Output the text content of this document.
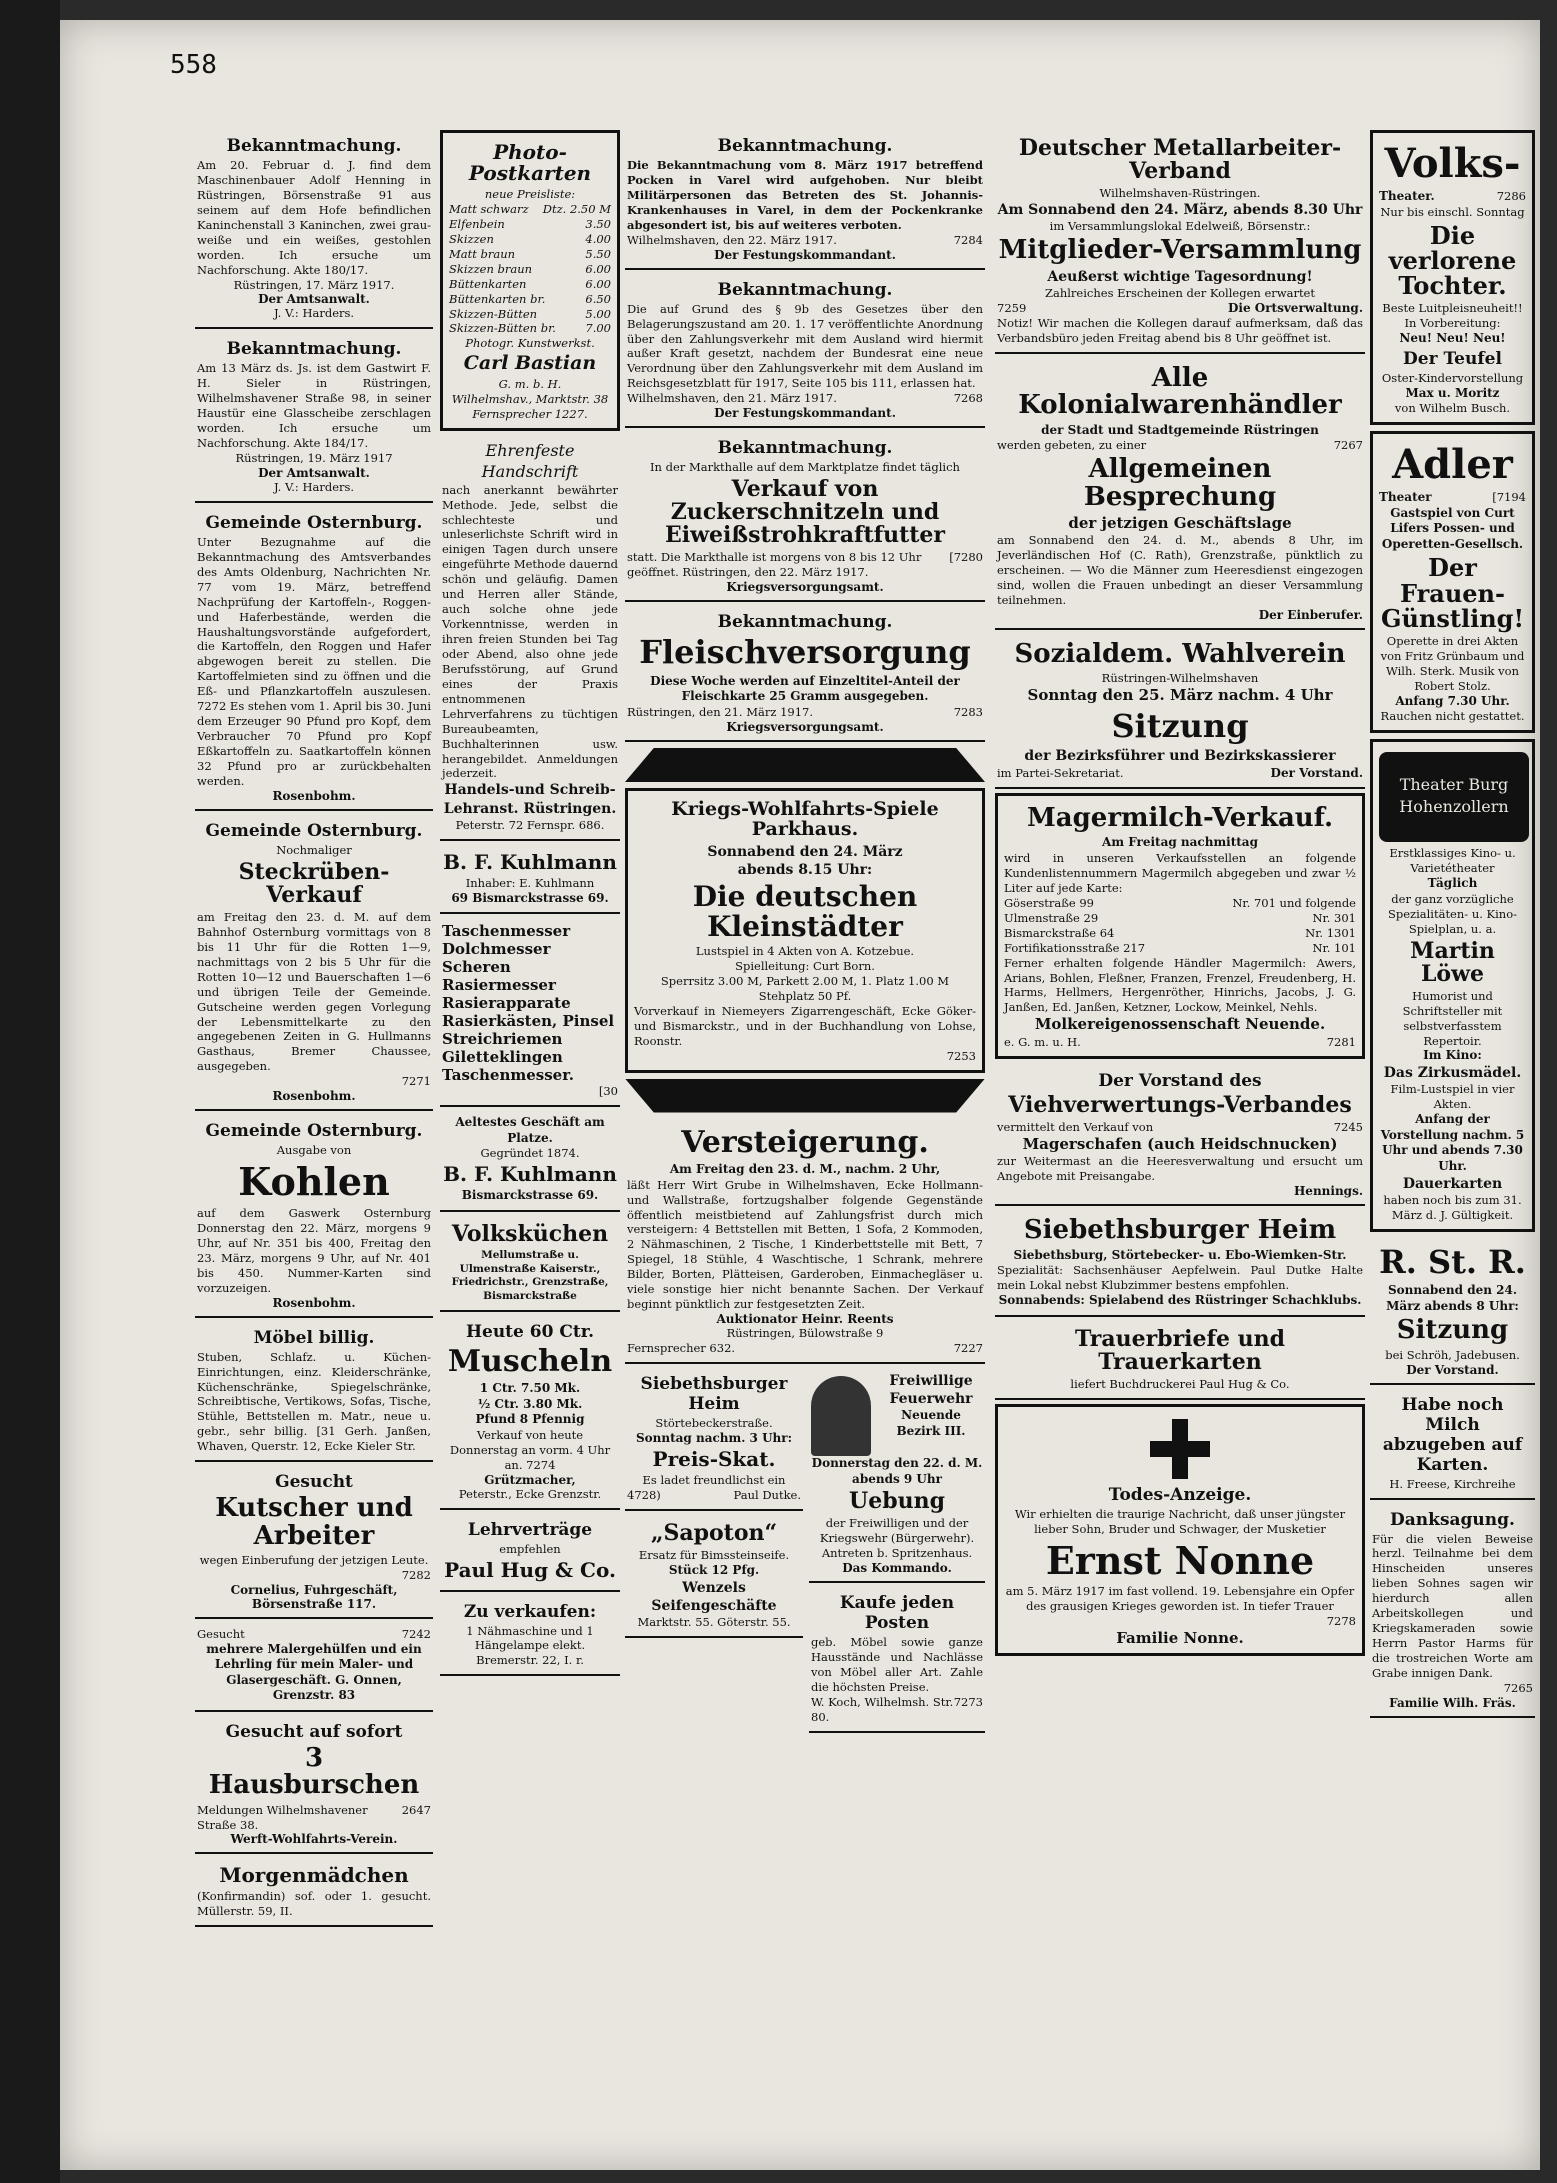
558
Bekanntmachung.
Am 20. Februar d. J. find dem Maschinenbauer Adolf Henning in Rüstringen, Börsenstraße 91 aus seinem auf dem Hofe befindlichen Kaninchenstall 3 Kaninchen, zwei grau-weiße und ein weißes, gestohlen worden. Ich ersuche um Nachforschung. Akte 180/17.
Rüstringen, 17. März 1917.
Der Amtsanwalt.
J. V.: Harders.
Bekanntmachung.
Am 13 März ds. Js. ist dem Gastwirt F. H. Sieler in Rüstringen, Wilhelmshavener Straße 98, in seiner Haustür eine Glasscheibe zerschlagen worden. Ich ersuche um Nachforschung. Akte 184/17.
Rüstringen, 19. März 1917
Der Amtsanwalt.
J. V.: Harders.
Gemeinde Osternburg.
Unter Bezugnahme auf die Bekanntmachung des Amtsverbandes des Amts Oldenburg, Nachrichten Nr. 77 vom 19. März, betreffend Nachprüfung der Kartoffeln-, Roggen- und Haferbestände, werden die Haushaltungsvorstände aufgefordert, die Kartoffeln, den Roggen und Hafer abgewogen bereit zu stellen. Die Kartoffelmieten sind zu öffnen und die Eß- und Pflanzkartoffeln auszulesen. 7272 Es stehen vom 1. April bis 30. Juni dem Erzeuger 90 Pfund pro Kopf, dem Verbraucher 70 Pfund pro Kopf Eßkartoffeln zu. Saatkartoffeln können 32 Pfund pro ar zurückbehalten werden.
Rosenbohm.
Gemeinde Osternburg.
Nochmaliger
Steckrüben-Verkauf
am Freitag den 23. d. M. auf dem Bahnhof Osternburg vormittags von 8 bis 11 Uhr für die Rotten 1—9, nachmittags von 2 bis 5 Uhr für die Rotten 10—12 und Bauerschaften 1—6 und übrigen Teile der Gemeinde. Gutscheine werden gegen Vorlegung der Lebensmittelkarte zu den angegebenen Zeiten in G. Hullmanns Gasthaus, Bremer Chaussee, ausgegeben.
7271
Rosenbohm.
Gemeinde Osternburg.
Ausgabe von
Kohlen
auf dem Gaswerk Osternburg Donnerstag den 22. März, morgens 9 Uhr, auf Nr. 351 bis 400, Freitag den 23. März, morgens 9 Uhr, auf Nr. 401 bis 450. Nummer-Karten sind vorzuzeigen.
Rosenbohm.
Möbel billig.
Stuben, Schlafz. u. Küchen-Einrichtungen, einz. Kleiderschränke, Küchenschränke, Spiegelschränke, Schreibtische, Vertikows, Sofas, Tische, Stühle, Bettstellen m. Matr., neue u. gebr., sehr billig. [31 Gerh. Janßen, Whaven, Querstr. 12, Ecke Kieler Str.
Gesucht
Kutscher und Arbeiter
wegen Einberufung der jetzigen Leute.
7282
Cornelius, Fuhrgeschäft, Börsenstraße 117.
Gesucht	7242
mehrere Malergehülfen und ein Lehrling für mein Maler- und Glasergeschäft. G. Onnen, Grenzstr. 83
Gesucht auf sofort
3 Hausburschen
Meldungen Wilhelmshavener Straße 38.
2647
Werft-Wohlfahrts-Verein.
Morgenmädchen
(Konfirmandin) sof. oder 1. gesucht. Müllerstr. 59, II.
Photo-Postkarten
neue Preisliste:
Matt schwarz Dtz. 2.50 M
Elfenbein	3.50
Skizzen	4.00
Matt braun	5.50
Skizzen braun	6.00
Büttenkarten	6.00
Büttenkarten br.	6.50
Skizzen-Bütten	5.00
Skizzen-Bütten br.	7.00
Photogr. Kunstwerkst.
Carl Bastian
G. m. b. H.
Wilhelmshav., Marktstr. 38
Fernsprecher 1227.
Ehrenfeste Handschrift
nach anerkannt bewährter Methode. Jede, selbst die schlechteste und unleserlichste Schrift wird in einigen Tagen durch unsere eingeführte Methode dauernd schön und geläufig. Damen und Herren aller Stände, auch solche ohne jede Vorkenntnisse, werden in ihren freien Stunden bei Tag oder Abend, also ohne jede Berufsstörung, auf Grund eines der Praxis entnommenen Lehrverfahrens zu tüchtigen Bureaubeamten, Buchhalterinnen usw. herangebildet. Anmeldungen jederzeit.
Handels-und Schreib-Lehranst. Rüstringen.
Peterstr. 72 Fernspr. 686.
B. F. Kuhlmann
Inhaber: E. Kuhlmann
69 Bismarckstrasse 69.
Taschenmesser
Dolchmesser
Scheren
Rasiermesser
Rasierapparate
Rasierkästen, Pinsel
Streichriemen
Giletteklingen
Taschenmesser.
[30
Aeltestes Geschäft am Platze.
Gegründet 1874.
B. F. Kuhlmann
Bismarckstrasse 69.
Volksküchen
Mellumstraße u. Ulmenstraße Kaiserstr., Friedrichstr., Grenzstraße, Bismarckstraße
Heute 60 Ctr.
Muscheln
1 Ctr. 7.50 Mk.
½ Ctr. 3.80 Mk.
Pfund 8 Pfennig
Verkauf von heute Donnerstag an vorm. 4 Uhr an. 7274
Grützmacher,
Peterstr., Ecke Grenzstr.
Lehrverträge
empfehlen
Paul Hug & Co.
Zu verkaufen:
1 Nähmaschine und 1 Hängelampe elekt. Bremerstr. 22, I. r.
Bekanntmachung.
Die Bekanntmachung vom 8. März 1917 betreffend Pocken in Varel wird aufgehoben. Nur bleibt Militärpersonen das Betreten des St. Johannis-Krankenhauses in Varel, in dem der Pockenkranke abgesondert ist, bis auf weiteres verboten.
Wilhelmshaven, den 22. März 1917.	7284
Der Festungskommandant.
Bekanntmachung.
Die auf Grund des § 9b des Gesetzes über den Belagerungszustand am 20. 1. 17 veröffentlichte Anordnung über den Zahlungsverkehr mit dem Ausland wird hiermit außer Kraft gesetzt, nachdem der Bundesrat eine neue Verordnung über den Zahlungsverkehr mit dem Ausland im Reichsgesetzblatt für 1917, Seite 105 bis 111, erlassen hat.
Wilhelmshaven, den 21. März 1917.	7268
Der Festungskommandant.
Bekanntmachung.
In der Markthalle auf dem Marktplatze findet täglich
Verkauf von Zuckerschnitzeln und Eiweißstrohkraftfutter
statt. Die Markthalle ist morgens von 8 bis 12 Uhr geöffnet. Rüstringen, den 22. März 1917.
[7280
Kriegsversorgungsamt.
Bekanntmachung.
Fleischversorgung
Diese Woche werden auf Einzeltitel-Anteil der Fleischkarte 25 Gramm ausgegeben.
Rüstringen, den 21. März 1917.	7283
Kriegsversorgungsamt.
Kriegs-Wohlfahrts-Spiele Parkhaus.
Sonnabend den 24. März
abends 8.15 Uhr:
Die deutschen Kleinstädter
Lustspiel in 4 Akten von A. Kotzebue.
Spielleitung: Curt Born.
Sperrsitz 3.00 M, Parkett 2.00 M, 1. Platz 1.00 M Stehplatz 50 Pf.
Vorverkauf in Niemeyers Zigarrengeschäft, Ecke Göker- und Bismarckstr., und in der Buchhandlung von Lohse, Roonstr.
7253
Versteigerung.
Am Freitag den 23. d. M., nachm. 2 Uhr,
läßt Herr Wirt Grube in Wilhelmshaven, Ecke Hollmann- und Wallstraße, fortzugshalber folgende Gegenstände öffentlich meistbietend auf Zahlungsfrist durch mich versteigern: 4 Bettstellen mit Betten, 1 Sofa, 2 Kommoden, 2 Nähmaschinen, 2 Tische, 1 Kinderbettstelle mit Bett, 7 Spiegel, 18 Stühle, 4 Waschtische, 1 Schrank, mehrere Bilder, Borten, Plätteisen, Garderoben, Einmachegläser u. viele sonstige hier nicht benannte Sachen. Der Verkauf beginnt pünktlich zur festgesetzten Zeit.
Auktionator Heinr. Reents
Rüstringen, Bülowstraße 9
Fernsprecher 632.	7227
Siebethsburger Heim
Störtebeckerstraße.
Sonntag nachm. 3 Uhr:
Preis-Skat.
Es ladet freundlichst ein
4728)	Paul Dutke.
„Sapoton“
Ersatz für Bimssteinseife.
Stück 12 Pfg.
Wenzels Seifengeschäfte
Marktstr. 55. Göterstr. 55.
Freiwillige Feuerwehr
Neuende Bezirk III.
Donnerstag den 22. d. M. abends 9 Uhr
Uebung
der Freiwilligen und der Kriegswehr (Bürgerwehr). Antreten b. Spritzenhaus.
Das Kommando.
Kaufe jeden Posten
geb. Möbel sowie ganze Hausstände und Nachlässe von Möbel aller Art. Zahle die höchsten Preise.
W. Koch, Wilhelmsh. Str. 80.
7273
Deutscher Metallarbeiter-Verband
Wilhelmshaven-Rüstringen.
Am Sonnabend den 24. März, abends 8.30 Uhr
im Versammlungslokal Edelweiß, Börsenstr.:
Mitglieder-Versammlung
Aeußerst wichtige Tagesordnung!
Zahlreiches Erscheinen der Kollegen erwartet
7259	Die Ortsverwaltung.
Notiz! Wir machen die Kollegen darauf aufmerksam, daß das Verbandsbüro jeden Freitag abend bis 8 Uhr geöffnet ist.
Alle Kolonialwarenhändler
der Stadt und Stadtgemeinde Rüstringen
werden gebeten, zu einer	7267
Allgemeinen Besprechung
der jetzigen Geschäftslage
am Sonnabend den 24. d. M., abends 8 Uhr, im Jeverländischen Hof (C. Rath), Grenzstraße, pünktlich zu erscheinen. — Wo die Männer zum Heeresdienst eingezogen sind, wollen die Frauen unbedingt an dieser Versammlung teilnehmen.
Der Einberufer.
Sozialdem. Wahlverein
Rüstringen-Wilhelmshaven
Sonntag den 25. März nachm. 4 Uhr
Sitzung
der Bezirksführer und Bezirkskassierer
im Partei-Sekretariat.	Der Vorstand.
Magermilch-Verkauf.
Am Freitag nachmittag
wird in unseren Verkaufsstellen an folgende Kundenlistennummern Magermilch abgegeben und zwar ½ Liter auf jede Karte:
Göserstraße 99	Nr. 701 und folgende
Ulmenstraße 29	Nr. 301
Bismarckstraße 64	Nr. 1301
Fortifikationsstraße 217	Nr. 101
Ferner erhalten folgende Händler Magermilch: Awers, Arians, Bohlen, Fleßner, Franzen, Frenzel, Freudenberg, H. Harms, Hellmers, Hergenröther, Hinrichs, Jacobs, J. G. Janßen, Ed. Janßen, Ketzner, Lockow, Meinkel, Nehls.
Molkereigenossenschaft Neuende.
e. G. m. u. H.	7281
Der Vorstand des
Viehverwertungs-Verbandes
vermittelt den Verkauf von	7245
Magerschafen (auch Heidschnucken)
zur Weitermast an die Heeresverwaltung und ersucht um Angebote mit Preisangabe.
Hennings.
Siebethsburger Heim
Siebethsburg, Störtebecker- u. Ebo-Wiemken-Str.
Spezialität: Sachsenhäuser Aepfelwein. Paul Dutke Halte mein Lokal nebst Klubzimmer bestens empfohlen.
Sonnabends: Spielabend des Rüstringer Schachklubs.
Trauerbriefe und Trauerkarten
liefert Buchdruckerei Paul Hug & Co.
Todes-Anzeige.
Wir erhielten die traurige Nachricht, daß unser jüngster lieber Sohn, Bruder und Schwager, der Musketier
Ernst Nonne
am 5. März 1917 im fast vollend. 19. Lebensjahre ein Opfer des grausigen Krieges geworden ist. In tiefer Trauer
7278
Familie Nonne.
Volks-
Theater.	7286
Nur bis einschl. Sonntag
Die verlorene Tochter.
Beste Luitpleisneuheit!!
In Vorbereitung:
Neu! Neu! Neu!
Der Teufel
Oster-Kindervorstellung
Max u. Moritz
von Wilhelm Busch.
Adler
Theater	[7194
Gastspiel von Curt Lifers Possen- und Operetten-Gesellsch.
Der Frauen-Günstling!
Operette in drei Akten von Fritz Grünbaum und Wilh. Sterk. Musik von Robert Stolz.
Anfang 7.30 Uhr.
Rauchen nicht gestattet.
Theater Burg Hohenzollern
Erstklassiges Kino- u. Varietétheater
Täglich
der ganz vorzügliche Spezialitäten- u. Kino-Spielplan, u. a.
Martin Löwe
Humorist und Schriftsteller mit selbstverfasstem Repertoir.
Im Kino:
Das Zirkusmädel.
Film-Lustspiel in vier Akten.
Anfang der Vorstellung nachm. 5 Uhr und abends 7.30 Uhr.
Dauerkarten
haben noch bis zum 31. März d. J. Gültigkeit.
R. St. R.
Sonnabend den 24. März abends 8 Uhr:
Sitzung
bei Schröh, Jadebusen.
Der Vorstand.
Habe noch Milch abzugeben auf Karten.
H. Freese, Kirchreihe
Danksagung.
Für die vielen Beweise herzl. Teilnahme bei dem Hinscheiden unseres lieben Sohnes sagen wir hierdurch allen Arbeitskollegen und Kriegskameraden sowie Herrn Pastor Harms für die trostreichen Worte am Grabe innigen Dank.
7265
Familie Wilh. Fräs.
